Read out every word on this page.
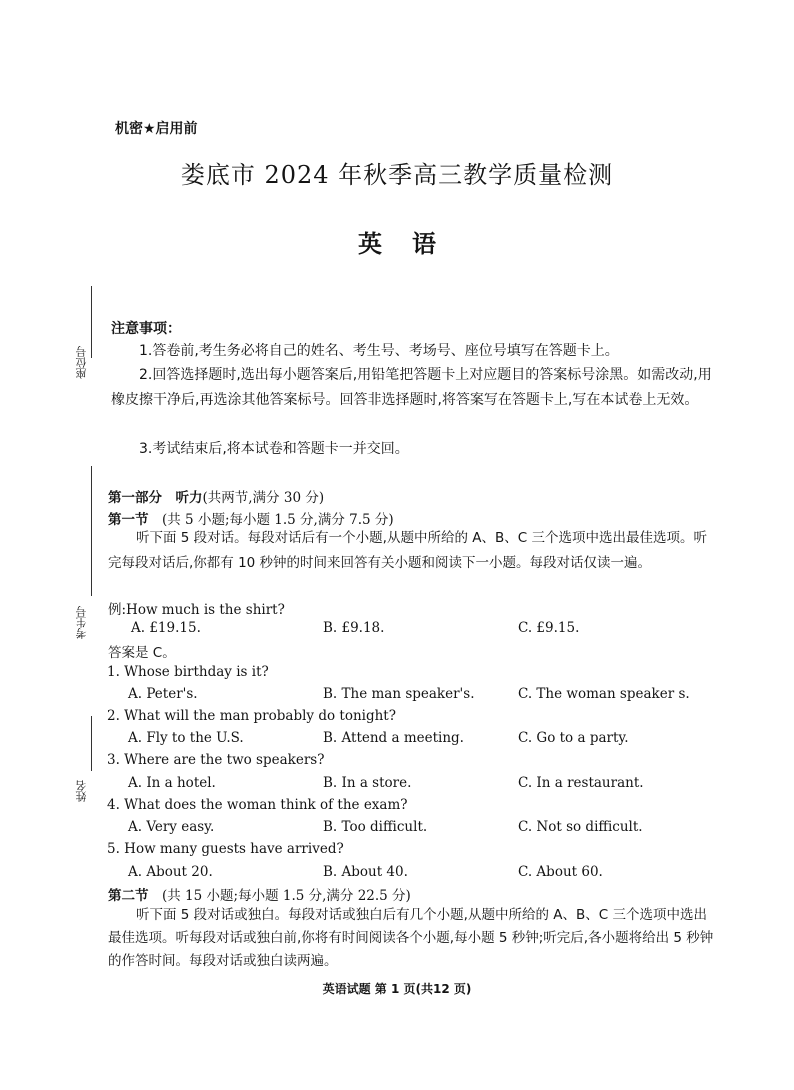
机密★启用前
娄底市 2024 年秋季高三教学质量检测
英语
座位号
考生号
姓名
注意事项：
1.答卷前,考生务必将自己的姓名、考生号、考场号、座位号填写在答题卡上。
2.回答选择题时,选出每小题答案后,用铅笔把答题卡上对应题目的答案标号涂黑。如需改动,用橡皮擦干净后,再选涂其他答案标号。回答非选择题时,将答案写在答题卡上,写在本试卷上无效。
3.考试结束后,将本试卷和答题卡一并交回。
第一部分　听力(共两节,满分 30 分)
第一节　 (共 5 小题;每小题 1.5 分,满分 7.5 分)
听下面 5 段对话。每段对话后有一个小题,从题中所给的 A、B、C 三个选项中选出最佳选项。听完每段对话后,你都有 10 秒钟的时间来回答有关小题和阅读下一小题。每段对话仅读一遍。
例:How much is the shirt?
A. £19.15.	B. £9.18.	C. £9.15.
答案是 C。
1. Whose birthday is it?
A. Peter's.	B. The man speaker's.	C. The woman speaker s.
2. What will the man probably do tonight?
A. Fly to the U.S.	B. Attend a meeting.	C. Go to a party.
3. Where are the two speakers?
A. In a hotel.	B. In a store.	C. In a restaurant.
4. What does the woman think of the exam?
A. Very easy.	B. Too difficult.	C. Not so difficult.
5. How many guests have arrived?
A. About 20.	B. About 40.	C. About 60.
第二节　 (共 15 小题;每小题 1.5 分,满分 22.5 分)
听下面 5 段对话或独白。每段对话或独白后有几个小题,从题中所给的 A、B、C 三个选项中选出最佳选项。听每段对话或独白前,你将有时间阅读各个小题,每小题 5 秒钟;听完后,各小题将给出 5 秒钟的作答时间。每段对话或独白读两遍。
英语试题 第 1 页(共12 页)
